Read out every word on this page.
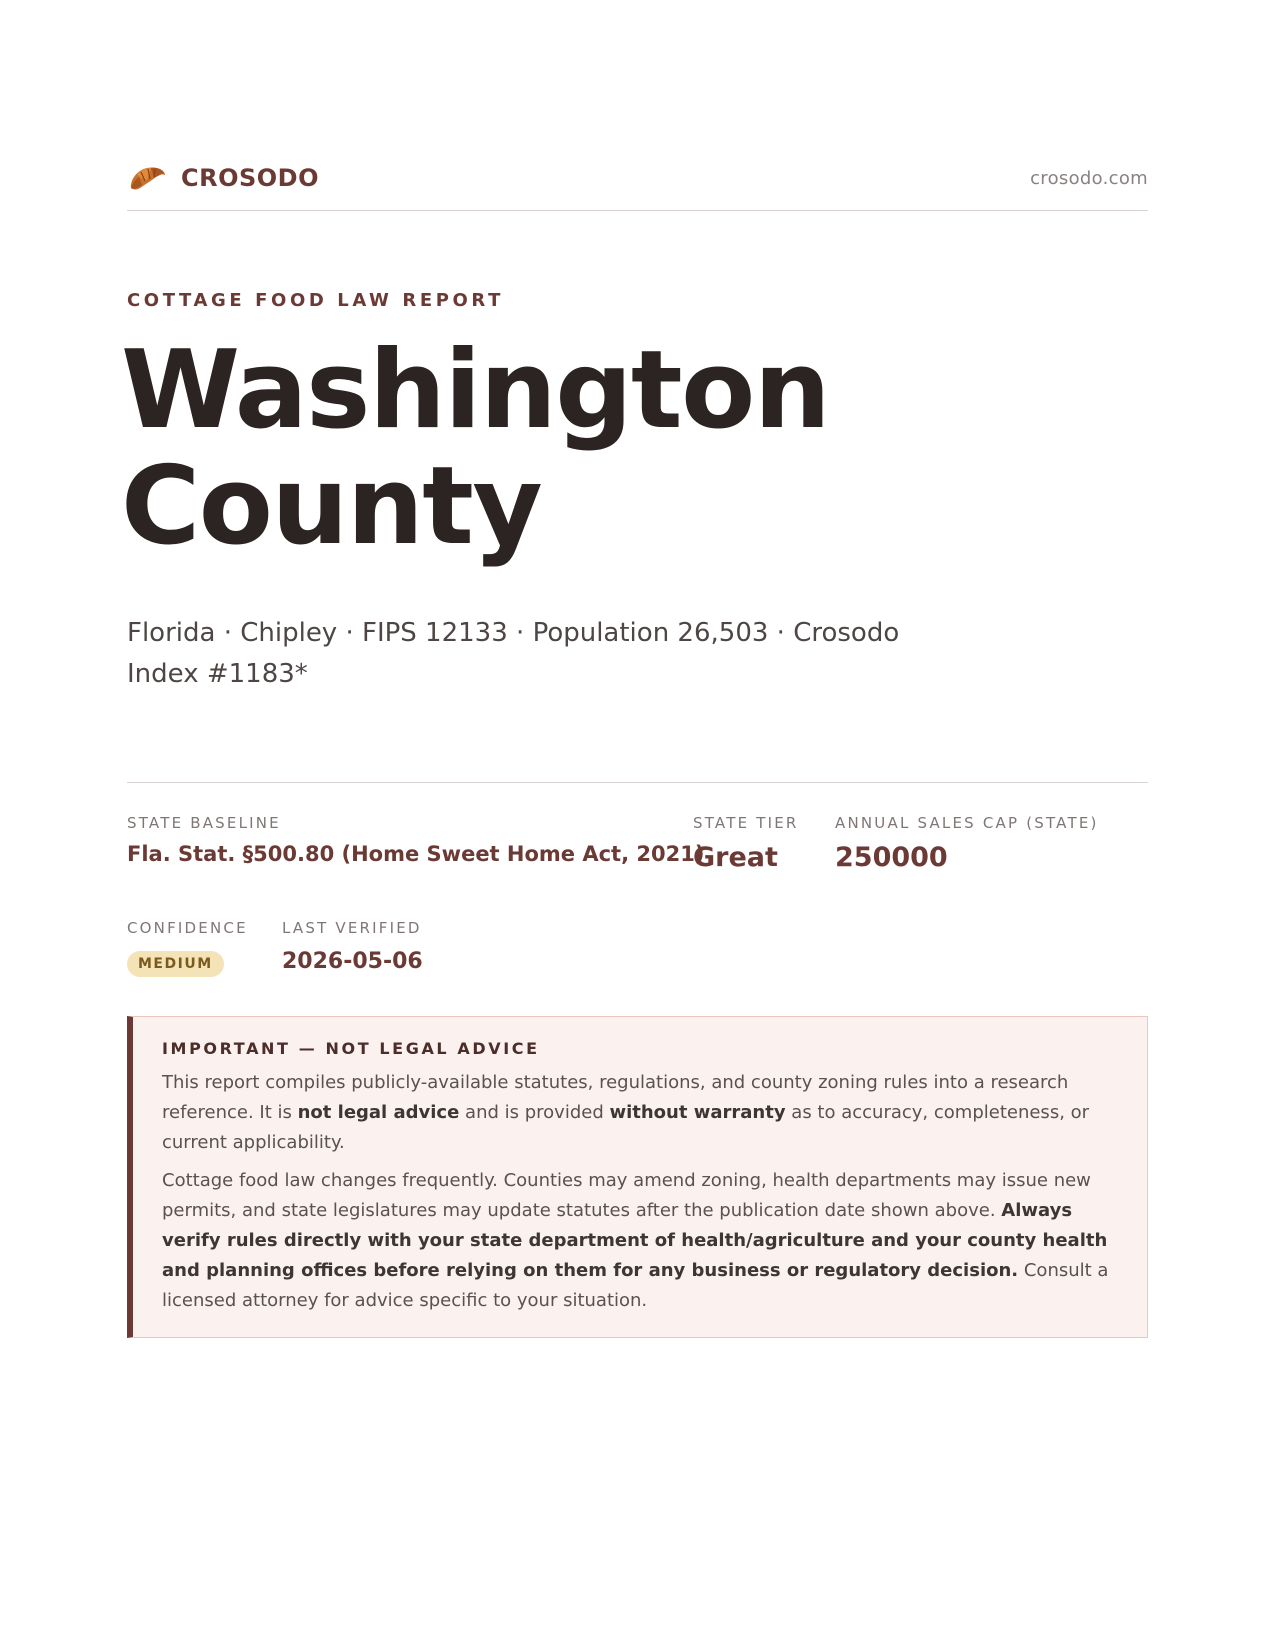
CROSODO	crosodo.com
COTTAGE FOOD LAW REPORT
Washington
County

Florida · Chipley · FIPS 12133 · Population 26,503 · Crosodo
Index #1183*

STATE BASELINE
Fla. Stat. §500.80 (Home Sweet Home Act, 2021)
STATE TIER
Great
ANNUAL SALES CAP (STATE)
250000
CONFIDENCE
MEDIUM
LAST VERIFIED
2026-05-06
IMPORTANT — NOT LEGAL ADVICE

This report compiles publicly-available statutes, regulations, and county zoning rules into a research reference. It is not legal advice and is provided without warranty as to accuracy, completeness, or current applicability.

Cottage food law changes frequently. Counties may amend zoning, health departments may issue new permits, and state legislatures may update statutes after the publication date shown above. Always verify rules directly with your state department of health/agriculture and your county health and planning offices before relying on them for any business or regulatory decision. Consult a licensed attorney for advice specific to your situation.
